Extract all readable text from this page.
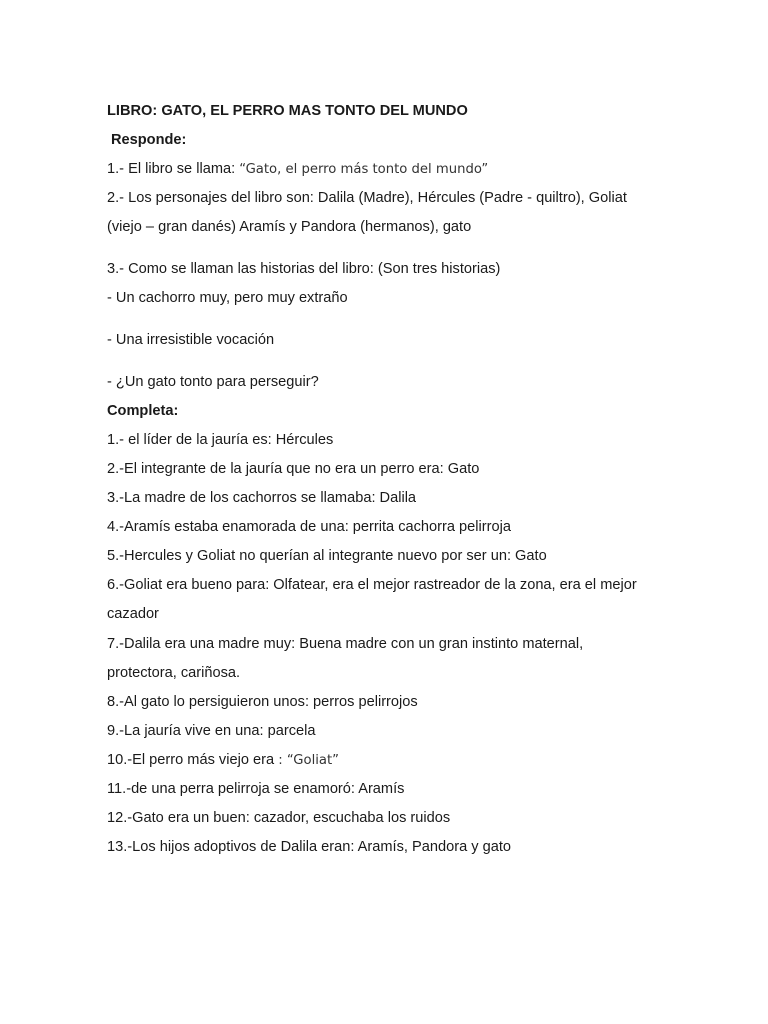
LIBRO: GATO, EL PERRO MAS TONTO DEL MUNDO
Responde:
1.- El libro se llama: “Gato, el perro más tonto del mundo”
2.- Los personajes del libro son: Dalila (Madre), Hércules (Padre - quiltro), Goliat
(viejo – gran danés) Aramís y Pandora (hermanos), gato
3.- Como se llaman las historias del libro: (Son tres historias)
- Un cachorro muy, pero muy extraño
- Una irresistible vocación
- ¿Un gato tonto para perseguir?
Completa:
1.- el líder de la jauría es: Hércules
2.-El integrante de la jauría que no era un perro era: Gato
3.-La madre de los cachorros se llamaba: Dalila
4.-Aramís estaba enamorada de una: perrita cachorra pelirroja
5.-Hercules y Goliat no querían al integrante nuevo por ser un: Gato
6.-Goliat era bueno para: Olfatear, era el mejor rastreador de la zona, era el mejor
cazador
7.-Dalila era una madre muy: Buena madre con un gran instinto maternal,
protectora, cariñosa.
8.-Al gato lo persiguieron unos: perros pelirrojos
9.-La jauría vive en una: parcela
10.-El perro más viejo era : “Goliat”
11.-de una perra pelirroja se enamoró: Aramís
12.-Gato era un buen: cazador, escuchaba los ruidos
13.-Los hijos adoptivos de Dalila eran: Aramís, Pandora y gato
